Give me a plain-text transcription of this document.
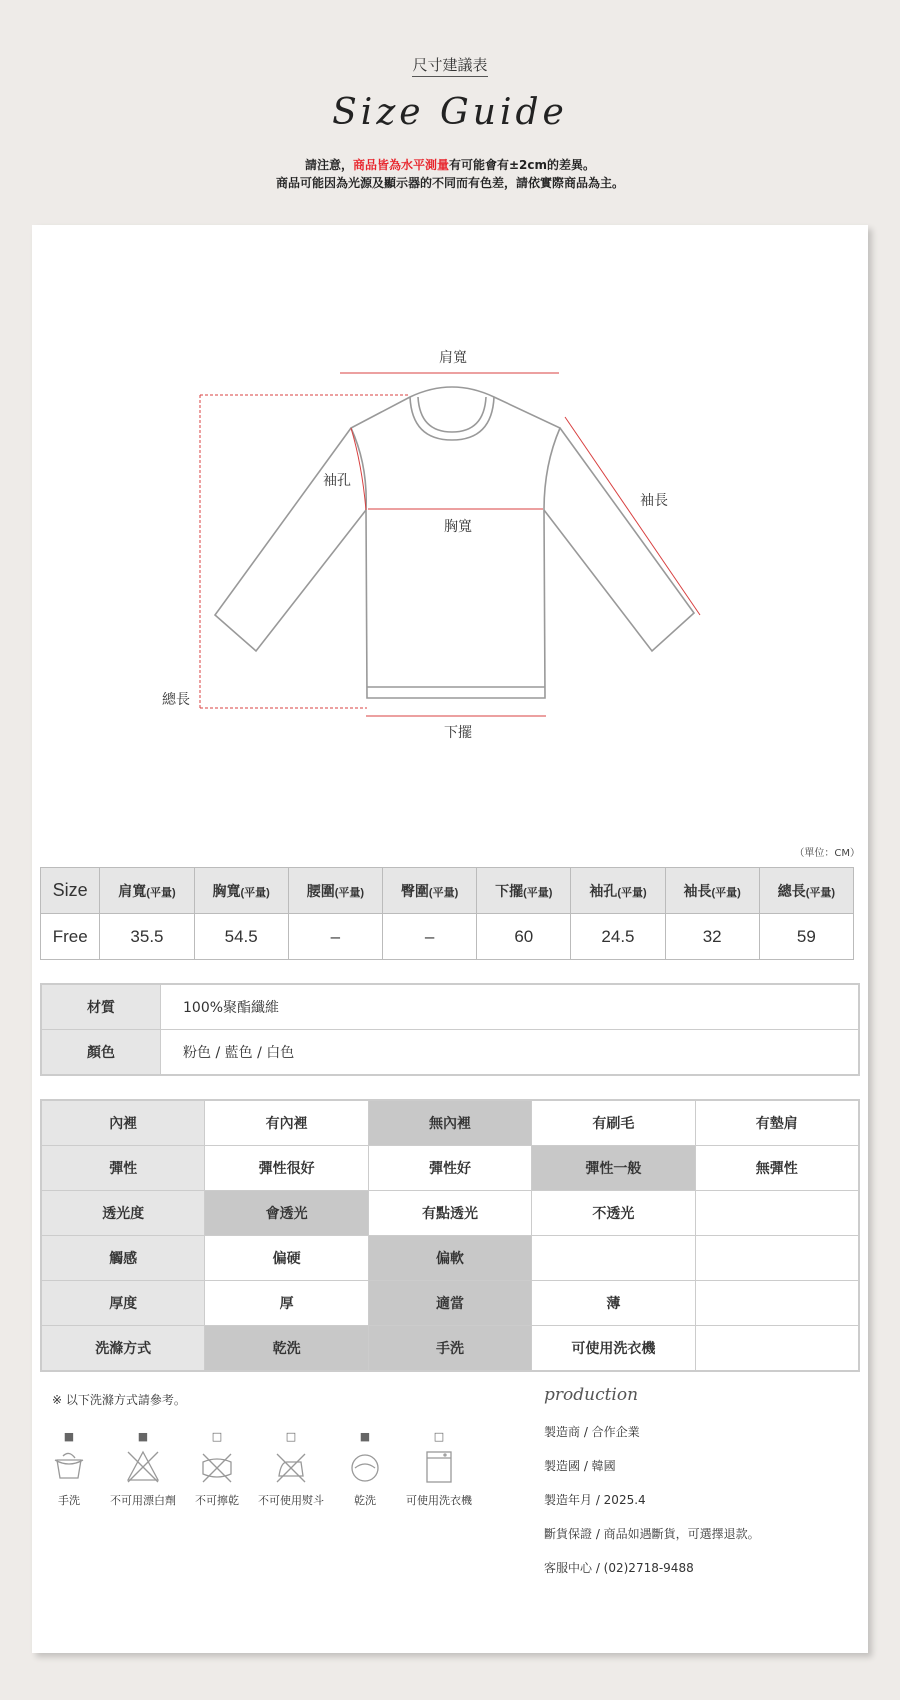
尺寸建議表
Size Guide
請注意，商品皆為水平測量有可能會有±2cm的差異。
商品可能因為光源及顯示器的不同而有色差，請依實際商品為主。
肩寬
袖孔
袖長
胸寬
總長
下擺
（單位：CM）
Size	肩寬(平量)	胸寬(平量)	腰圍(平量)	臀圍(平量)	下擺(平量)	袖孔(平量)	袖長(平量)	總長(平量)
Free	35.5	54.5	–	–	60	24.5	32	59
材質	100%聚酯纖維
顏色	粉色 / 藍色 / 白色
內裡	有內裡	無內裡	有刷毛	有墊肩
彈性	彈性很好	彈性好	彈性一般	無彈性
透光度	會透光	有點透光	不透光	
觸感	偏硬	偏軟		
厚度	厚	適當	薄	
洗滌方式	乾洗	手洗	可使用洗衣機	
※ 以下洗滌方式請參考。
■
手洗
■
不可用漂白劑
□
不可擰乾
□
不可使用熨斗
■
乾洗
□
可使用洗衣機
production
製造商 / 合作企業
製造國 / 韓國
製造年月 / 2025.4
斷貨保證 / 商品如遇斷貨，可選擇退款。
客服中心 / (02)2718-9488
